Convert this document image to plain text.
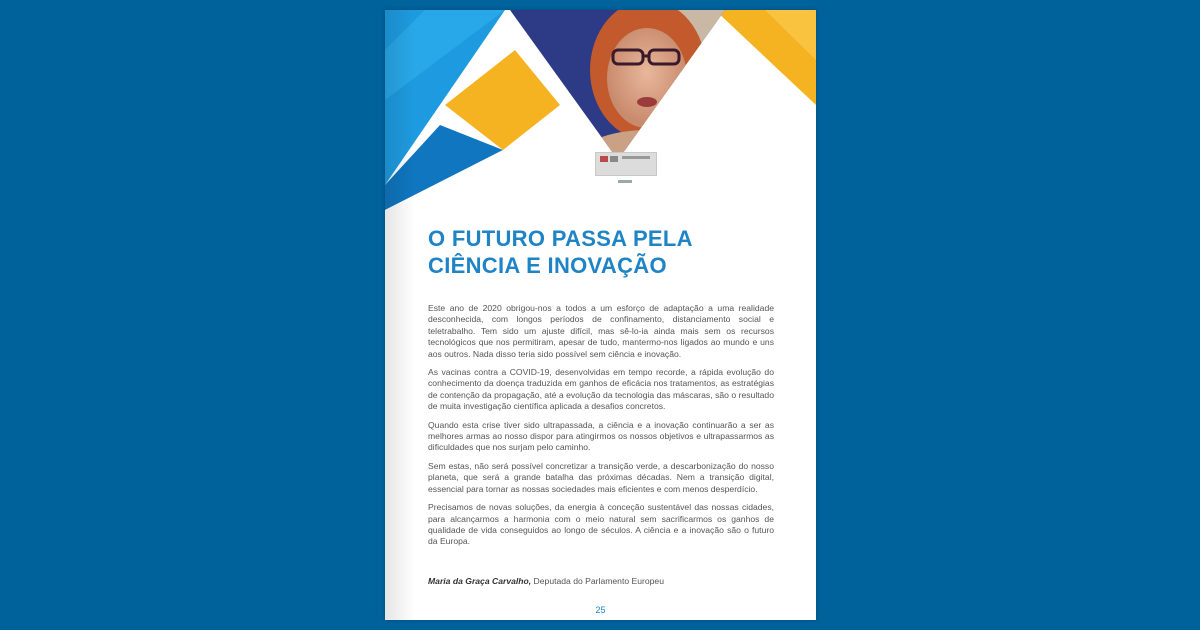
O FUTURO PASSA PELA CIÊNCIA E INOVAÇÃO

Este ano de 2020 obrigou-nos a todos a um esforço de adaptação a uma realidade desconhecida, com longos períodos de confinamento, distanciamento social e teletrabalho. Tem sido um ajuste difícil, mas sê-lo-ia ainda mais sem os recursos tecnológicos que nos permitiram, apesar de tudo, mantermo-nos ligados ao mundo e uns aos outros. Nada disso teria sido possível sem ciência e inovação.

As vacinas contra a COVID-19, desenvolvidas em tempo recorde, a rápida evolução do conhecimento da doença traduzida em ganhos de eficácia nos tratamentos, as estratégias de contenção da propagação, até a evolução da tecnologia das máscaras, são o resultado de muita investigação científica aplicada a desafios concretos.

Quando esta crise tiver sido ultrapassada, a ciência e a inovação continuarão a ser as melhores armas ao nosso dispor para atingirmos os nossos objetivos e ultrapassarmos as dificuldades que nos surjam pelo caminho.

Sem estas, não será possível concretizar a transição verde, a descarbonização do nosso planeta, que será a grande batalha das próximas décadas. Nem a transição digital, essencial para tornar as nossas sociedades mais eficientes e com menos desperdício.

Precisamos de novas soluções, da energia à conceção sustentável das nossas cidades, para alcançarmos a harmonia com o meio natural sem sacrificarmos os ganhos de qualidade de vida conseguidos ao longo de séculos. A ciência e a inovação são o futuro da Europa.

Maria da Graça Carvalho, Deputada do Parlamento Europeu
25
